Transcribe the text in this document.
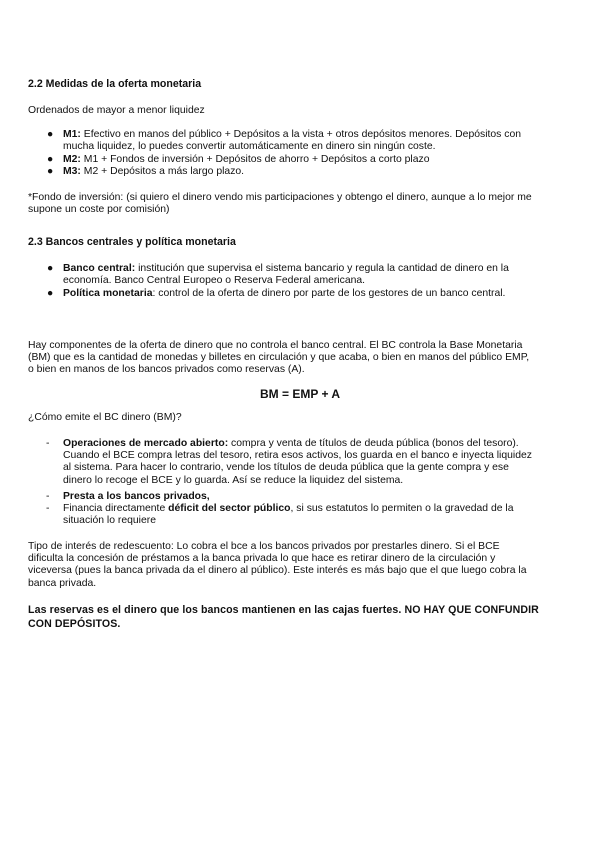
2.2 Medidas de la oferta monetaria
Ordenados de mayor a menor liquidez
● M1: Efectivo en manos del público + Depósitos a la vista + otros depósitos menores. Depósitos con
mucha liquidez, lo puedes convertir automáticamente en dinero sin ningún coste.
● M2: M1 + Fondos de inversión + Depósitos de ahorro + Depósitos a corto plazo
● M3: M2 + Depósitos a más largo plazo.
*Fondo de inversión: (si quiero el dinero vendo mis participaciones y obtengo el dinero, aunque a lo mejor me
supone un coste por comisión)
2.3 Bancos centrales y política monetaria
● Banco central: institución que supervisa el sistema bancario y regula la cantidad de dinero en la
economía. Banco Central Europeo o Reserva Federal americana.
● Política monetaria: control de la oferta de dinero por parte de los gestores de un banco central.
Hay componentes de la oferta de dinero que no controla el banco central. El BC controla la Base Monetaria
(BM) que es la cantidad de monedas y billetes en circulación y que acaba, o bien en manos del público EMP,
o bien en manos de los bancos privados como reservas (A).
BM = EMP + A
¿Cómo emite el BC dinero (BM)?
- Operaciones de mercado abierto: compra y venta de títulos de deuda pública (bonos del tesoro).
Cuando el BCE compra letras del tesoro, retira esos activos, los guarda en el banco e inyecta liquidez
al sistema. Para hacer lo contrario, vende los títulos de deuda pública que la gente compra y ese
dinero lo recoge el BCE y lo guarda. Así se reduce la liquidez del sistema.
- Presta a los bancos privados,
- Financia directamente déficit del sector público, si sus estatutos lo permiten o la gravedad de la
situación lo requiere
Tipo de interés de redescuento: Lo cobra el bce a los bancos privados por prestarles dinero. Si el BCE
dificulta la concesión de préstamos a la banca privada lo que hace es retirar dinero de la circulación y
viceversa (pues la banca privada da el dinero al público). Este interés es más bajo que el que luego cobra la
banca privada.
Las reservas es el dinero que los bancos mantienen en las cajas fuertes. NO HAY QUE CONFUNDIR
CON DEPÓSITOS.
